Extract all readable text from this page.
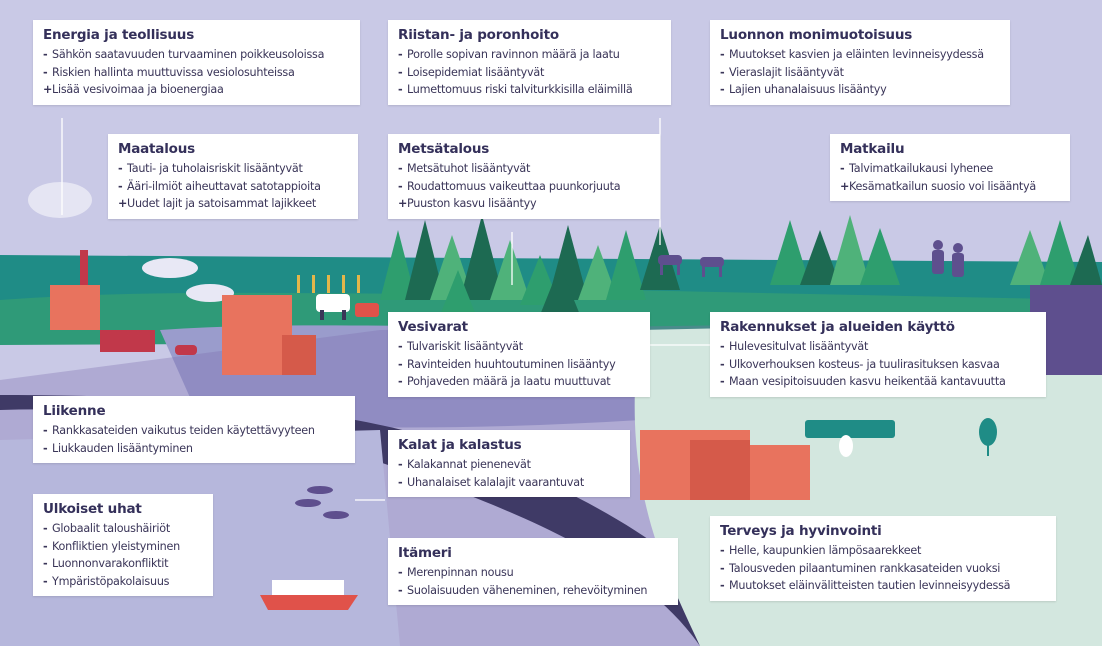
Energia ja teollisuus
- Sähkön saatavuuden turvaaminen poikkeusoloissa
- Riskien hallinta muuttuvissa vesiolosuhteissa
+Lisää vesivoimaa ja bioenergiaa
Riistan- ja poronhoito
- Porolle sopivan ravinnon määrä ja laatu
- Loisepidemiat lisääntyvät
- Lumettomuus riski talviturkkisilla eläimillä
Luonnon monimuotoisuus
- Muutokset kasvien ja eläinten levinneisyydessä
- Vieraslajit lisääntyvät
- Lajien uhanalaisuus lisääntyy
Maatalous
- Tauti- ja tuholaisriskit lisääntyvät
- Ääri-ilmiöt aiheuttavat satotappioita
+Uudet lajit ja satoisammat lajikkeet
Metsätalous
- Metsätuhot lisääntyvät
- Roudattomuus vaikeuttaa puunkorjuuta
+Puuston kasvu lisääntyy
Matkailu
- Talvimatkailukausi lyhenee
+Kesämatkailun suosio voi lisääntyä
Vesivarat
- Tulvariskit lisääntyvät
- Ravinteiden huuhtoutuminen lisääntyy
- Pohjaveden määrä ja laatu muuttuvat
Rakennukset ja alueiden käyttö
- Hulevesitulvat lisääntyvät
- Ulkoverhouksen kosteus- ja tuulirasituksen kasvaa
- Maan vesipitoisuuden kasvu heikentää kantavuutta
Liikenne
- Rankkasateiden vaikutus teiden käytettävyyteen
- Liukkauden lisääntyminen	Kalat ja kalastus
- Kalakannat pienenevät
- Uhanalaiset kalalajit vaarantuvat
Ulkoiset uhat
- Globaalit taloushäiriöt
- Konfliktien yleistyminen
- Luonnonvarakonfliktit
- Ympäristöpakolaisuus
Itämeri
- Merenpinnan nousu
- Suolaisuuden väheneminen, rehevöityminen
Terveys ja hyvinvointi
- Helle, kaupunkien lämpösaarekkeet
- Talousveden pilaantuminen rankkasateiden vuoksi
- Muutokset eläinvälitteisten tautien levinneisyydessä
